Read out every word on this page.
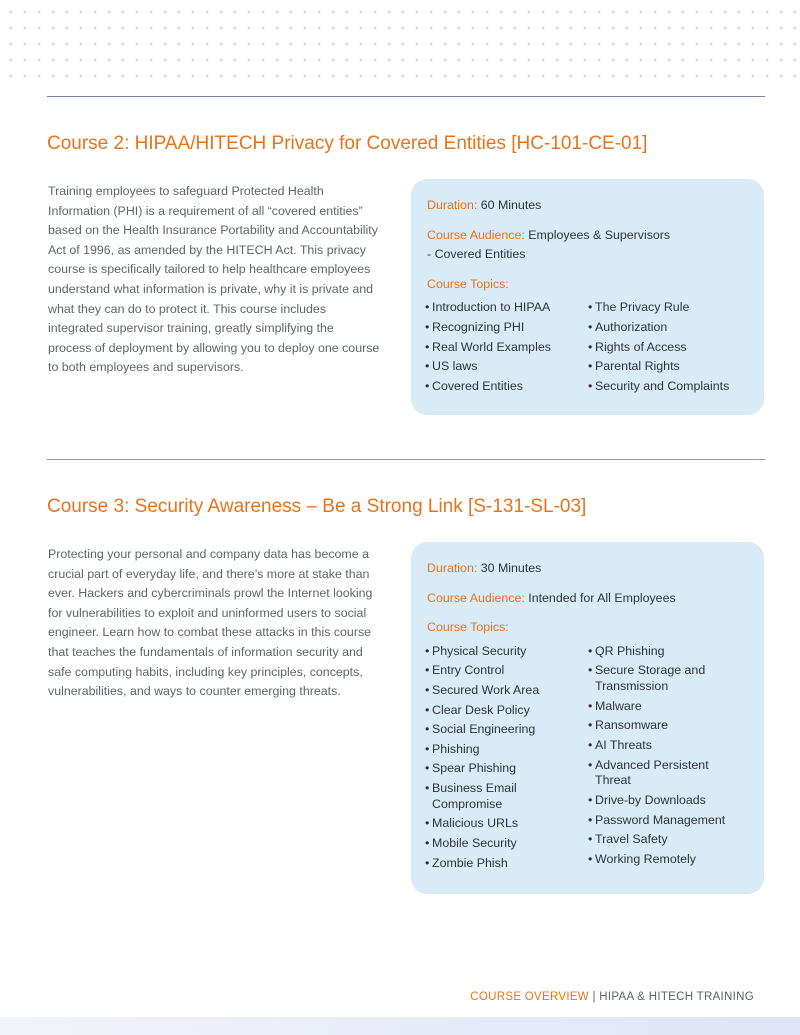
Course 2: HIPAA/HITECH Privacy for Covered Entities [HC-101-CE-01]

Training employees to safeguard Protected Health Information (PHI) is a requirement of all “covered entities” based on the Health Insurance Portability and Accountability Act of 1996, as amended by the HITECH Act. This privacy course is specifically tailored to help healthcare employees understand what information is private, why it is private and what they can do to protect it. This course includes integrated supervisor training, greatly simplifying the process of deployment by allowing you to deploy one course to both employees and supervisors.

Duration: 60 Minutes
Course Audience: Employees & Supervisors - Covered Entities
Course Topics:
• Introduction to HIPAA
• Recognizing PHI
• Real World Examples
• US laws
• Covered Entities
• The Privacy Rule
• Authorization
• Rights of Access
• Parental Rights
• Security and Complaints
Course 3: Security Awareness – Be a Strong Link [S-131-SL-03]

Protecting your personal and company data has become a crucial part of everyday life, and there’s more at stake than ever. Hackers and cybercriminals prowl the Internet looking for vulnerabilities to exploit and uninformed users to social engineer. Learn how to combat these attacks in this course that teaches the fundamentals of information security and safe computing habits, including key principles, concepts, vulnerabilities, and ways to counter emerging threats.

Duration: 30 Minutes
Course Audience: Intended for All Employees
Course Topics:
• Physical Security
• Entry Control
• Secured Work Area
• Clear Desk Policy
• Social Engineering
• Phishing
• Spear Phishing
• Business Email Compromise
• Malicious URLs
• Mobile Security
• Zombie Phish
• QR Phishing
• Secure Storage and Transmission
• Malware
• Ransomware
• AI Threats
• Advanced Persistent Threat
• Drive-by Downloads
• Password Management
• Travel Safety
• Working Remotely
COURSE OVERVIEW | HIPAA & HITECH TRAINING
